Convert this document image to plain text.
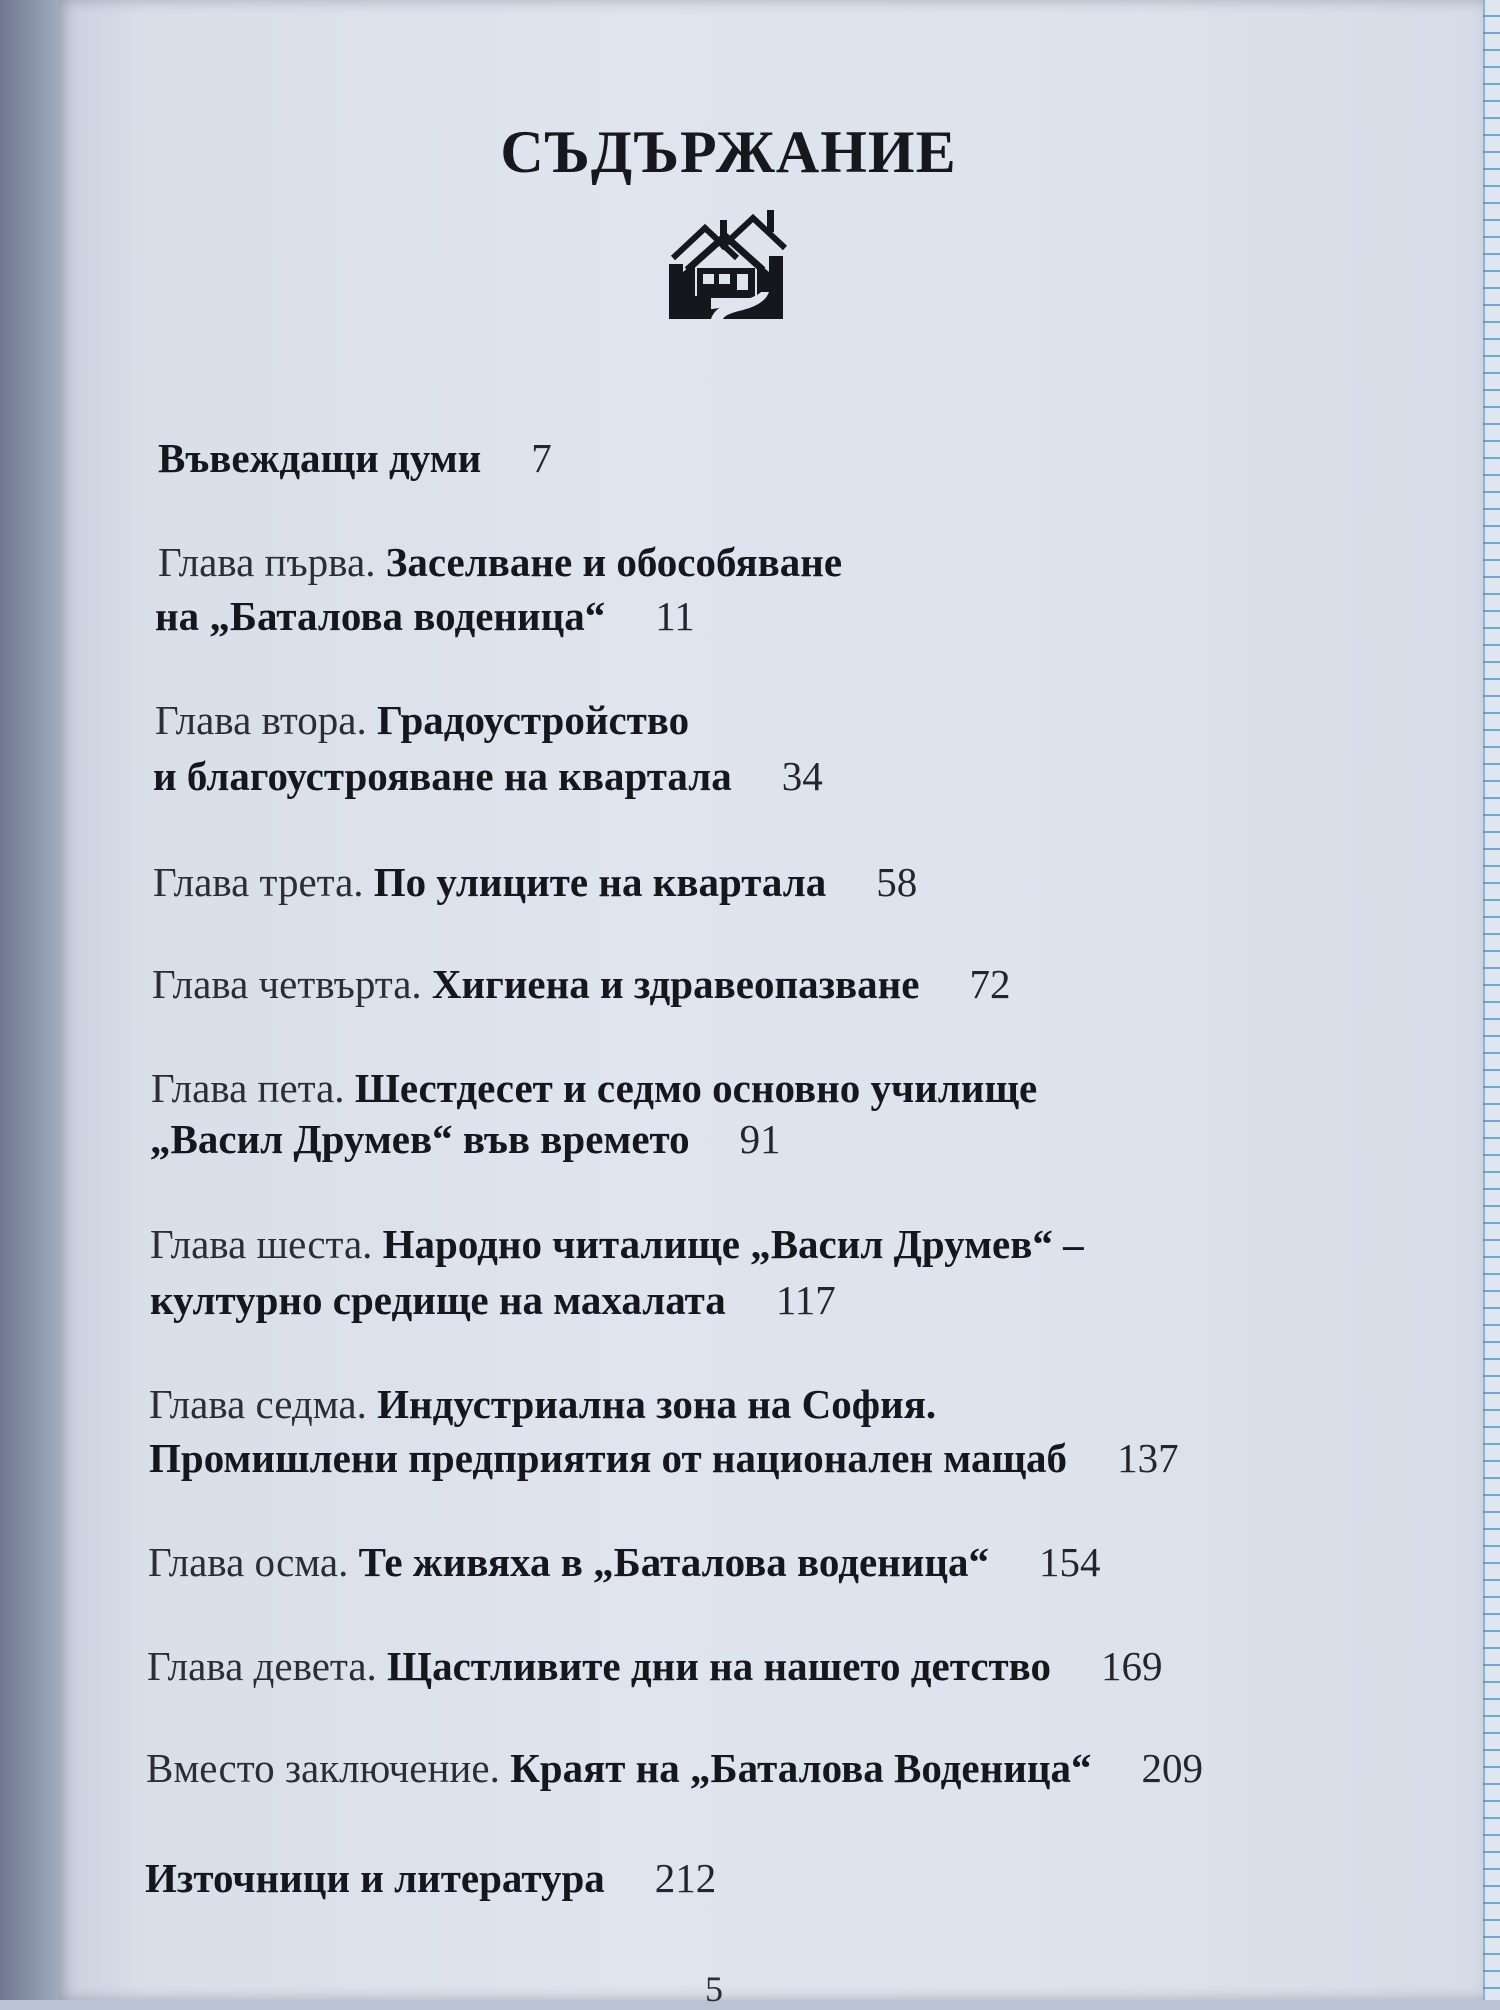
СЪДЪРЖАНИЕ
Въвеждащи думи 7
Глава първа. Заселване и обособяване
на „Баталова воденица“ 11
Глава втора. Градоустройство
и благоустрояване на квартала 34
Глава трета. По улиците на квартала 58
Глава четвърта. Хигиена и здравеопазване 72
Глава пета. Шестдесет и седмо основно училище
„Васил Друмев“ във времето 91
Глава шеста. Народно читалище „Васил Друмев“ –
културно средище на махалата 117
Глава седма. Индустриална зона на София.
Промишлени предприятия от национален мащаб 137
Глава осма. Те живяха в „Баталова воденица“ 154
Глава девета. Щастливите дни на нашето детство 169
Вместо заключение. Краят на „Баталова Воденица“ 209
Източници и литература 212
5
